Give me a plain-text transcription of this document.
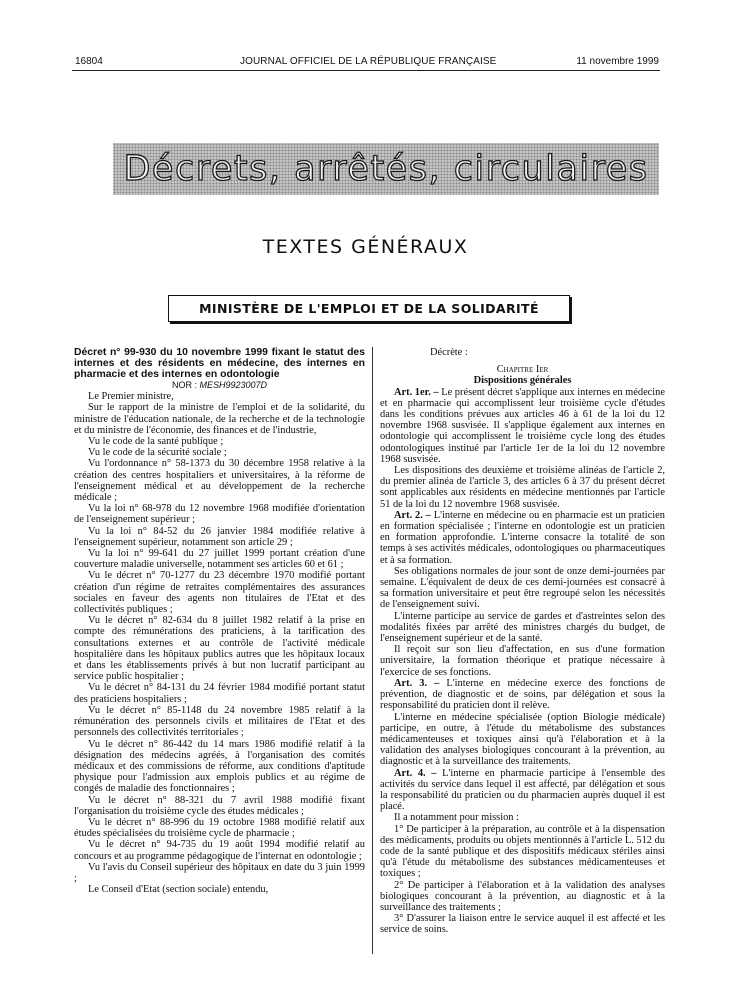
16804	JOURNAL OFFICIEL DE LA RÉPUBLIQUE FRANÇAISE	11 novembre 1999
Décrets, arrêtés, circulaires
TEXTES GÉNÉRAUX
MINISTÈRE DE L'EMPLOI ET DE LA SOLIDARITÉ

Décret n° 99-930 du 10 novembre 1999 fixant le statut des internes et des résidents en médecine, des internes en pharmacie et des internes en odontologie

NOR : MESH9923007D

Le Premier ministre,

Sur le rapport de la ministre de l'emploi et de la solidarité, du ministre de l'éducation nationale, de la recherche et de la technologie et du ministre de l'économie, des finances et de l'industrie,

Vu le code de la santé publique ;

Vu le code de la sécurité sociale ;

Vu l'ordonnance n° 58-1373 du 30 décembre 1958 relative à la création des centres hospitaliers et universitaires, à la réforme de l'enseignement médical et au développement de la recherche médicale ;

Vu la loi n° 68-978 du 12 novembre 1968 modifiée d'orientation de l'enseignement supérieur ;

Vu la loi n° 84-52 du 26 janvier 1984 modifiée relative à l'enseignement supérieur, notamment son article 29 ;

Vu la loi n° 99-641 du 27 juillet 1999 portant création d'une couverture maladie universelle, notamment ses articles 60 et 61 ;

Vu le décret n° 70-1277 du 23 décembre 1970 modifié portant création d'un régime de retraites complémentaires des assurances sociales en faveur des agents non titulaires de l'Etat et des collectivités publiques ;

Vu le décret n° 82-634 du 8 juillet 1982 relatif à la prise en compte des rémunérations des praticiens, à la tarification des consultations externes et au contrôle de l'activité médicale hospitalière dans les hôpitaux publics autres que les hôpitaux locaux et dans les établissements privés à but non lucratif participant au service public hospitalier ;

Vu le décret n° 84-131 du 24 février 1984 modifié portant statut des praticiens hospitaliers ;

Vu le décret n° 85-1148 du 24 novembre 1985 relatif à la rémunération des personnels civils et militaires de l'Etat et des personnels des collectivités territoriales ;

Vu le décret n° 86-442 du 14 mars 1986 modifié relatif à la désignation des médecins agréés, à l'organisation des comités médicaux et des commissions de réforme, aux conditions d'aptitude physique pour l'admission aux emplois publics et au régime de congés de maladie des fonctionnaires ;

Vu le décret n° 88-321 du 7 avril 1988 modifié fixant l'organisation du troisième cycle des études médicales ;

Vu le décret n° 88-996 du 19 octobre 1988 modifié relatif aux études spécialisées du troisième cycle de pharmacie ;

Vu le décret n° 94-735 du 19 août 1994 modifié relatif au concours et au programme pédagogique de l'internat en odontologie ;

Vu l'avis du Conseil supérieur des hôpitaux en date du 3 juin 1999 ;

Le Conseil d'Etat (section sociale) entendu,

Décrète :

Chapitre Ier

Dispositions générales

Art. 1er. – Le présent décret s'applique aux internes en médecine et en pharmacie qui accomplissent leur troisième cycle d'études dans les conditions prévues aux articles 46 à 61 de la loi du 12 novembre 1968 susvisée. Il s'applique également aux internes en odontologie qui accomplissent le troisième cycle long des études odontologiques institué par l'article 1er de la loi du 12 novembre 1968 susvisée.

Les dispositions des deuxième et troisième alinéas de l'article 2, du premier alinéa de l'article 3, des articles 6 à 37 du présent décret sont applicables aux résidents en médecine mentionnés par l'article 51 de la loi du 12 novembre 1968 susvisée.

Art. 2. – L'interne en médecine ou en pharmacie est un praticien en formation spécialisée ; l'interne en odontologie est un praticien en formation approfondie. L'interne consacre la totalité de son temps à ses activités médicales, odontologiques ou pharmaceutiques et à sa formation.

Ses obligations normales de jour sont de onze demi-journées par semaine. L'équivalent de deux de ces demi-journées est consacré à sa formation universitaire et peut être regroupé selon les nécessités de l'enseignement suivi.

L'interne participe au service de gardes et d'astreintes selon des modalités fixées par arrêté des ministres chargés du budget, de l'enseignement supérieur et de la santé.

Il reçoit sur son lieu d'affectation, en sus d'une formation universitaire, la formation théorique et pratique nécessaire à l'exercice de ses fonctions.

Art. 3. – L'interne en médecine exerce des fonctions de prévention, de diagnostic et de soins, par délégation et sous la responsabilité du praticien dont il relève.

L'interne en médecine spécialisée (option Biologie médicale) participe, en outre, à l'étude du métabolisme des substances médicamenteuses et toxiques ainsi qu'à l'élaboration et à la validation des analyses biologiques concourant à la prévention, au diagnostic et à la surveillance des traitements.

Art. 4. – L'interne en pharmacie participe à l'ensemble des activités du service dans lequel il est affecté, par délégation et sous la responsabilité du praticien ou du pharmacien auprès duquel il est placé.

Il a notamment pour mission :

1° De participer à la préparation, au contrôle et à la dispensation des médicaments, produits ou objets mentionnés à l'article L. 512 du code de la santé publique et des dispositifs médicaux stériles ainsi qu'à l'étude du métabolisme des substances médicamenteuses et toxiques ;

2° De participer à l'élaboration et à la validation des analyses biologiques concourant à la prévention, au diagnostic et à la surveillance des traitements ;

3° D'assurer la liaison entre le service auquel il est affecté et les service de soins.
